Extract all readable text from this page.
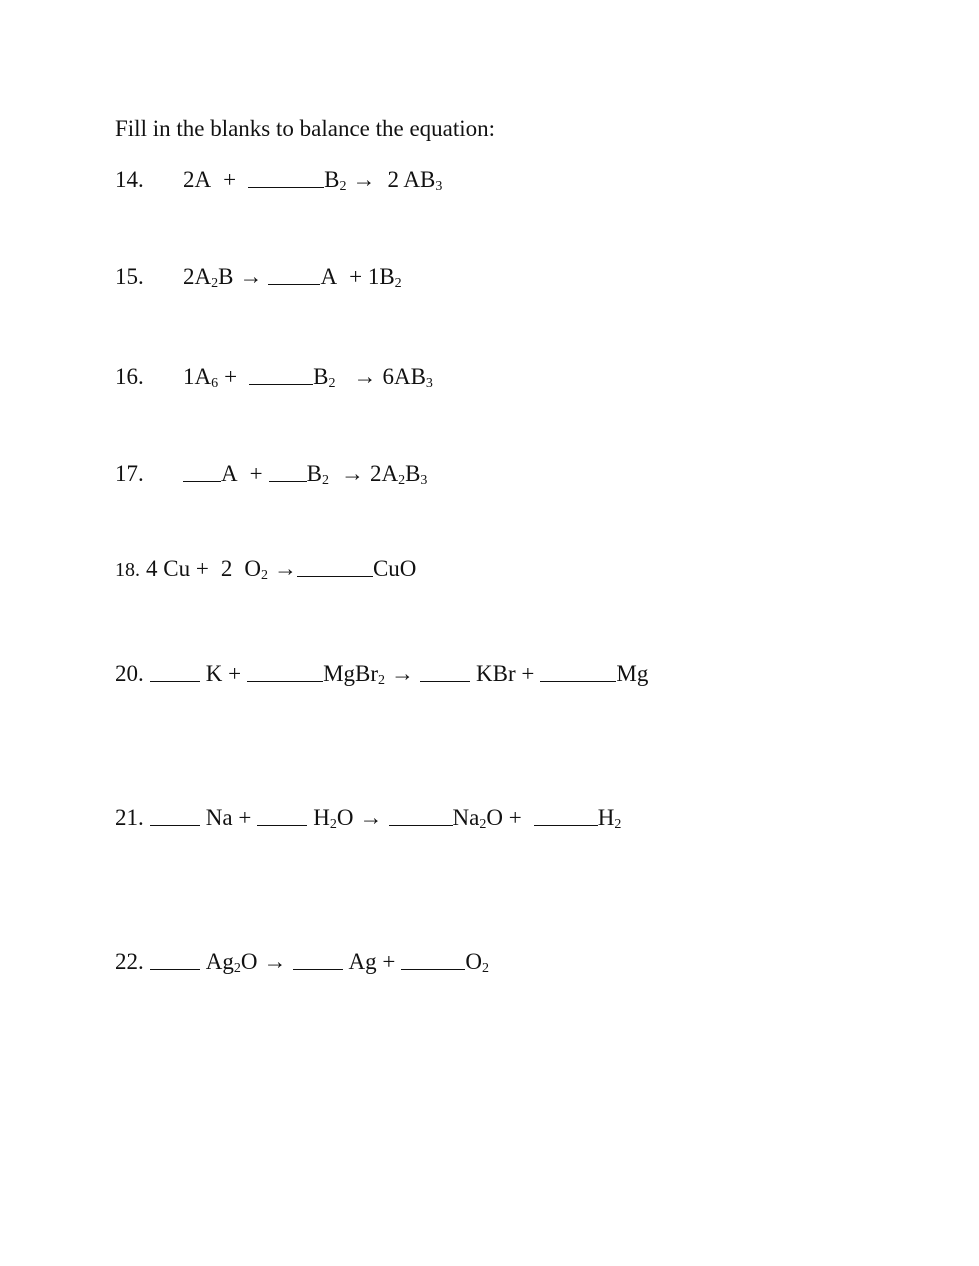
Fill in the blanks to balance the equation:
14. 2A +	$B_2 \to 2$ $AB_3$
15. $2A_2B$ →	$A + 1B_2$
16. $1A_6$ +	$B_2 \to 6AB_3$
17.	$A + B_2 \to 2A_2B_3$
18. 4 Cu + 2 $O_2$ →	CuO
20.	K +	MgBr$_2$ →	KBr +	Mg
21.	Na +	$H_2O$ →	$Na_2O$ +	$H_2$
22.	$Ag_2O$ →	Ag +	$O_2$
